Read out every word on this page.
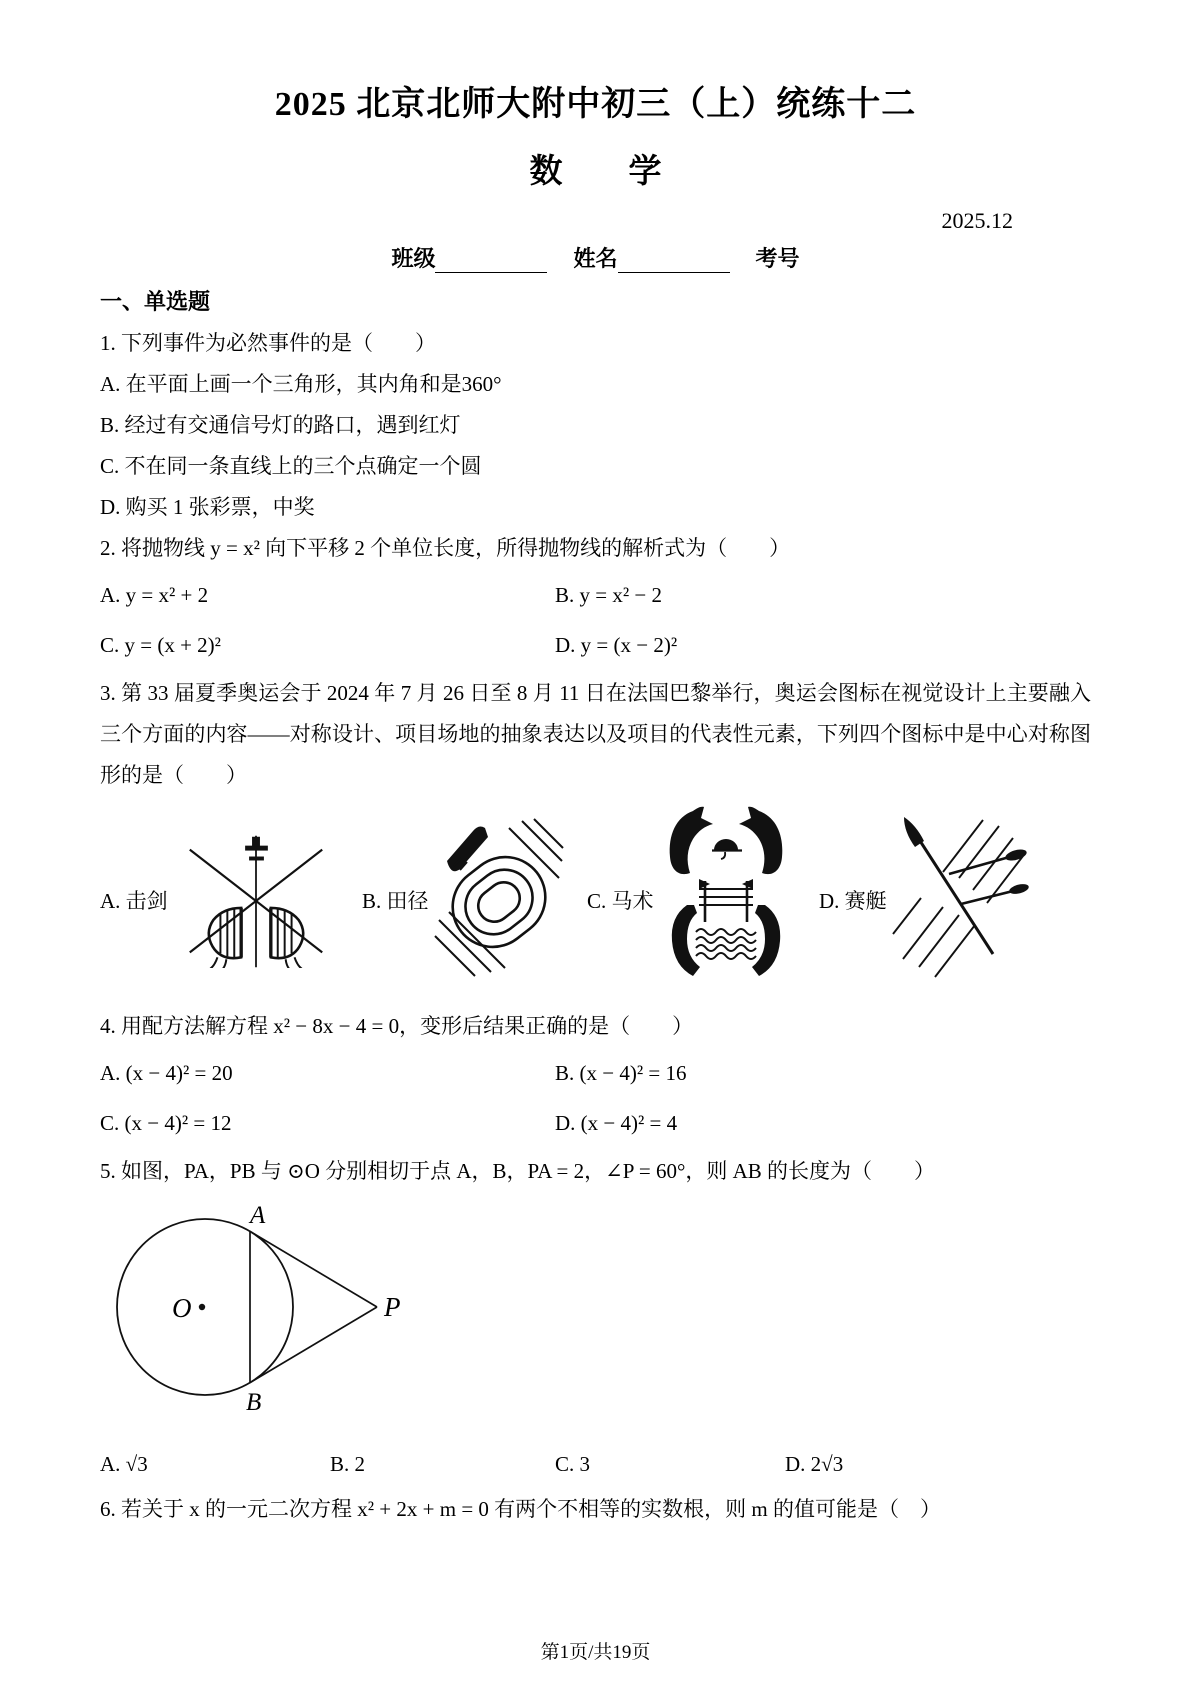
2025 北京北师大附中初三（上）统练十二
数　　学
2025.12
班级	姓名	考号
一、单选题

1. 下列事件为必然事件的是（　　）

A. 在平面上画一个三角形，其内角和是360°

B. 经过有交通信号灯的路口，遇到红灯

C. 不在同一条直线上的三个点确定一个圆

D. 购买 1 张彩票，中奖

2. 将抛物线 y = x² 向下平移 2 个单位长度，所得抛物线的解析式为（　　）

A. y = x² + 2	B. y = x² − 2
C. y = (x + 2)²	D. y = (x − 2)²

3. 第 33 届夏季奥运会于 2024 年 7 月 26 日至 8 月 11 日在法国巴黎举行，奥运会图标在视觉设计上主要融入三个方面的内容——对称设计、项目场地的抽象表达以及项目的代表性元素，下列四个图标中是中心对称图形的是（　　）

A. 击剑	B. 田径	C. 马术	D. 赛艇

4. 用配方法解方程 x² − 8x − 4 = 0，变形后结果正确的是（　　）

A. (x − 4)² = 20	B. (x − 4)² = 16
C. (x − 4)² = 12	D. (x − 4)² = 4

5. 如图，PA，PB 与 ⊙O 分别相切于点 A，B，PA = 2，∠P = 60°，则 AB 的长度为（　　）

O
A
B
P
A. √3	B. 2	C. 3	D. 2√3

6. 若关于 x 的一元二次方程 x² + 2x + m = 0 有两个不相等的实数根，则 m 的值可能是（　）

第1页/共19页
